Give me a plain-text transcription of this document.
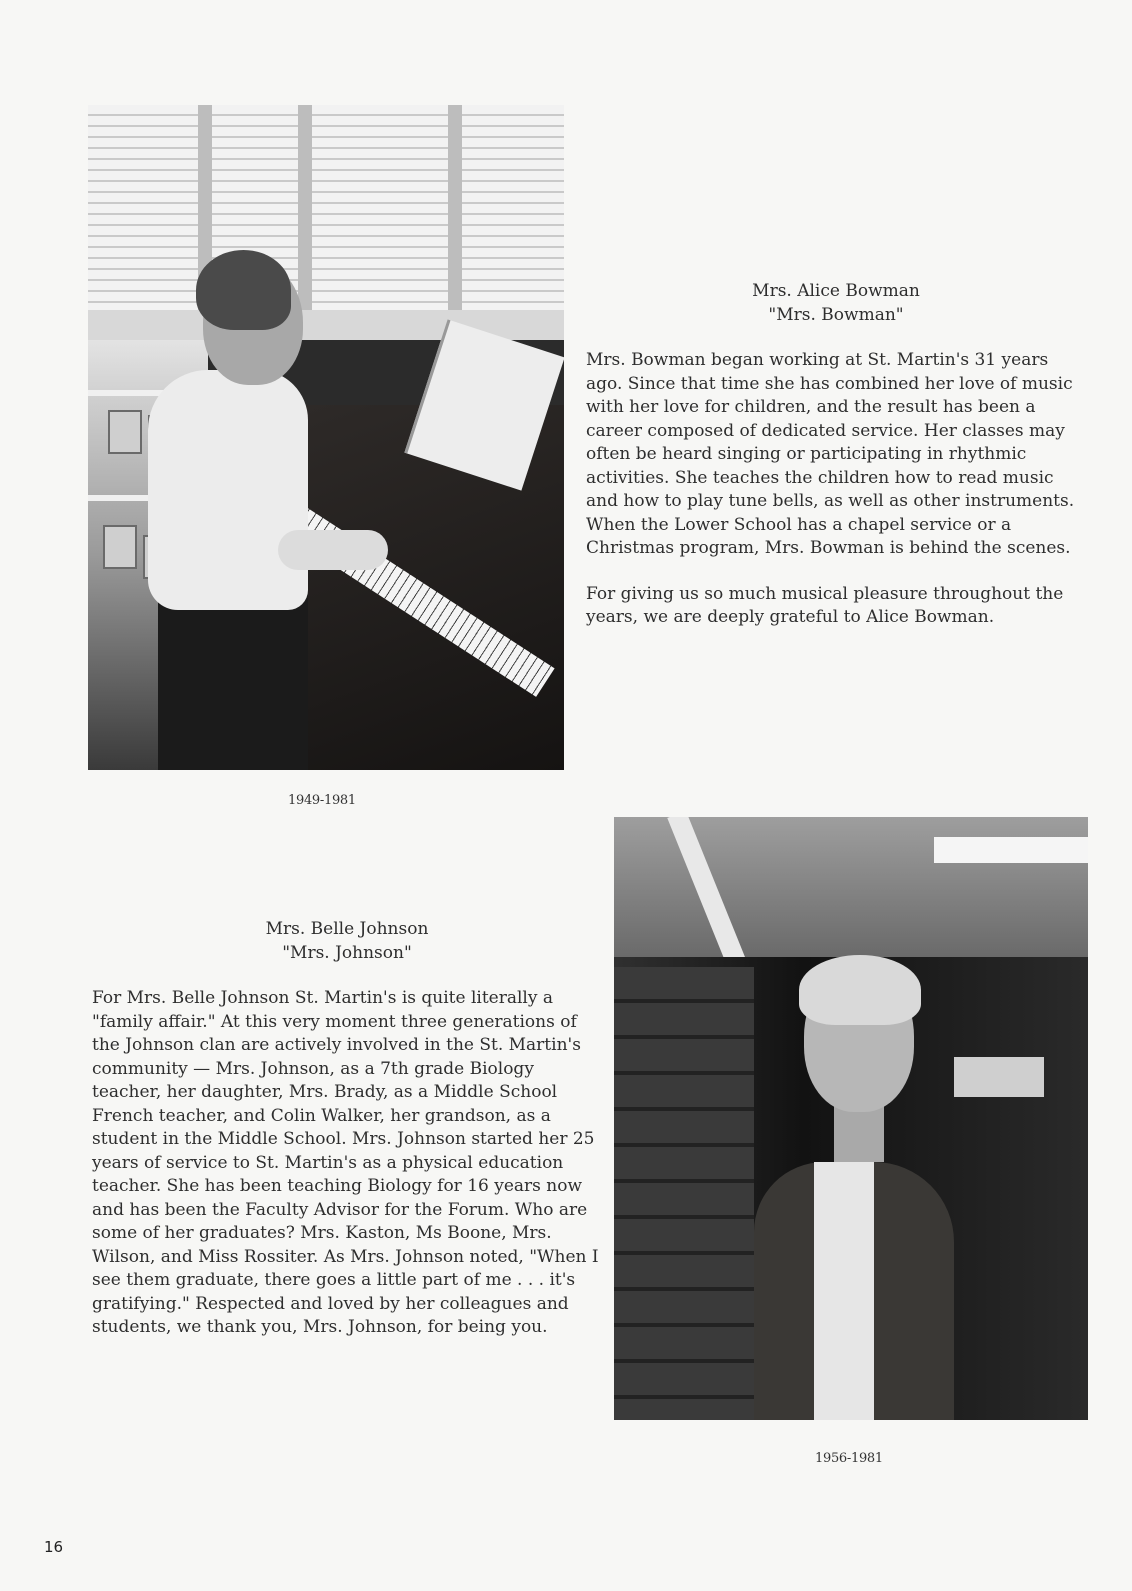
Mrs. Alice Bowman
"Mrs. Bowman"

Mrs. Bowman began working at St. Martin's 31 years ago. Since that time she has combined her love of music with her love for children, and the result has been a career composed of dedicated service. Her classes may often be heard singing or participating in rhythmic activities. She teaches the children how to read music and how to play tune bells, as well as other instruments. When the Lower School has a chapel service or a Christmas program, Mrs. Bowman is behind the scenes.

For giving us so much musical pleasure throughout the years, we are deeply grateful to Alice Bowman.

1949-1981
Mrs. Belle Johnson
"Mrs. Johnson"

For Mrs. Belle Johnson St. Martin's is quite literally a "family affair." At this very moment three generations of the Johnson clan are actively involved in the St. Martin's community — Mrs. Johnson, as a 7th grade Biology teacher, her daughter, Mrs. Brady, as a Middle School French teacher, and Colin Walker, her grandson, as a student in the Middle School. Mrs. Johnson started her 25 years of service to St. Martin's as a physical education teacher. She has been teaching Biology for 16 years now and has been the Faculty Advisor for the Forum. Who are some of her graduates? Mrs. Kaston, Ms Boone, Mrs. Wilson, and Miss Rossiter. As Mrs. Johnson noted, "When I see them graduate, there goes a little part of me . . . it's gratifying." Respected and loved by her colleagues and students, we thank you, Mrs. Johnson, for being you.

1956-1981
16
